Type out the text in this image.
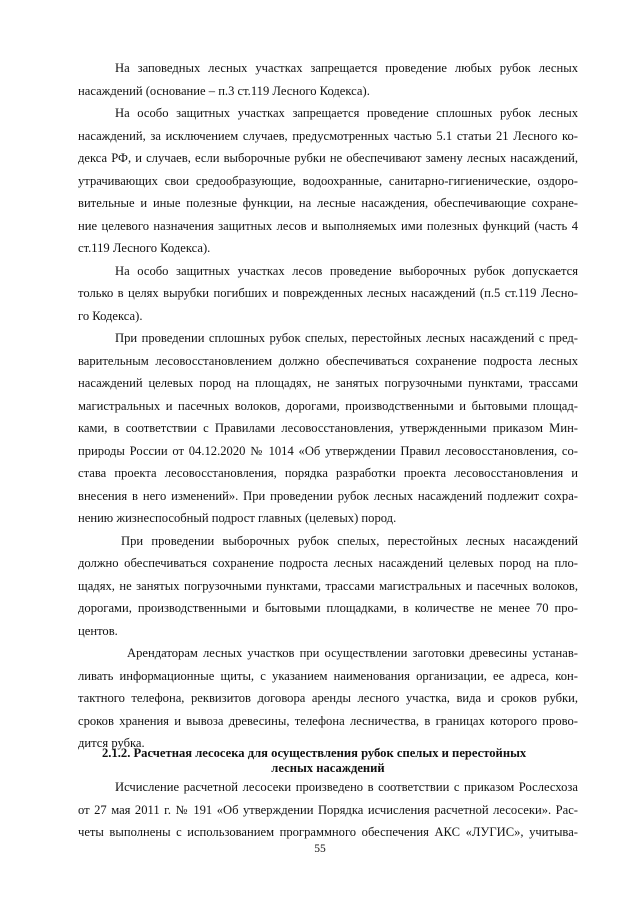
На заповедных лесных участках запрещается проведение любых рубок лесных
насаждений (основание – п.3 ст.119 Лесного Кодекса).
На особо защитных участках запрещается проведение сплошных рубок лесных
насаждений, за исключением случаев, предусмотренных частью 5.1 статьи 21 Лесного ко-
декса РФ, и случаев, если выборочные рубки не обеспечивают замену лесных насаждений,
утрачивающих свои средообразующие, водоохранные, санитарно-гигиенические, оздоро-
вительные и иные полезные функции, на лесные насаждения, обеспечивающие сохране-
ние целевого назначения защитных лесов и выполняемых ими полезных функций (часть 4
ст.119 Лесного Кодекса).
На особо защитных участках лесов проведение выборочных рубок допускается
только в целях вырубки погибших и поврежденных лесных насаждений (п.5 ст.119 Лесно-
го Кодекса).
При проведении сплошных рубок спелых, перестойных лесных насаждений с пред-
варительным лесовосстановлением должно обеспечиваться сохранение подроста лесных
насаждений целевых пород на площадях, не занятых погрузочными пунктами, трассами
магистральных и пасечных волоков, дорогами, производственными и бытовыми площад-
ками, в соответствии с Правилами лесовосстановления, утвержденными приказом Мин-
природы России от 04.12.2020 № 1014 «Об утверждении Правил лесовосстановления, со-
става проекта лесовосстановления, порядка разработки проекта лесовосстановления и
внесения в него изменений». При проведении рубок лесных насаждений подлежит сохра-
нению жизнеспособный подрост главных (целевых) пород.
При проведении выборочных рубок спелых, перестойных лесных насаждений
должно обеспечиваться сохранение подроста лесных насаждений целевых пород на пло-
щадях, не занятых погрузочными пунктами, трассами магистральных и пасечных волоков,
дорогами, производственными и бытовыми площадками, в количестве не менее 70 про-
центов.
Арендаторам лесных участков при осуществлении заготовки древесины устанав-
ливать информационные щиты, с указанием наименования организации, ее адреса, кон-
тактного телефона, реквизитов договора аренды лесного участка, вида и сроков рубки,
сроков хранения и вывоза древесины, телефона лесничества, в границах которого прово-
дится рубка.
2.1.2. Расчетная лесосека для осуществления рубок спелых и перестойных
лесных насаждений
Исчисление расчетной лесосеки произведено в соответствии с приказом Рослесхоза
от 27 мая 2011 г. № 191 «Об утверждении Порядка исчисления расчетной лесосеки». Рас-
четы выполнены с использованием программного обеспечения АКС «ЛУГИС», учитыва-
55
